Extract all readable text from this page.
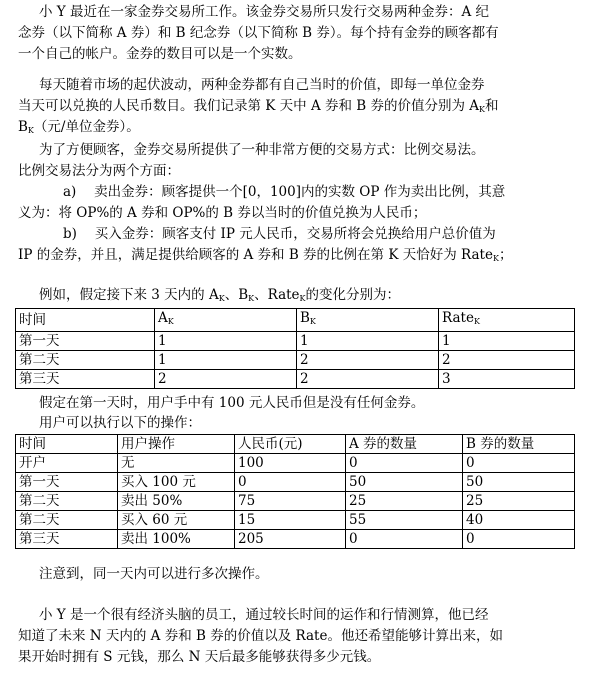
小 Y 最近在一家金券交易所工作。该金券交易所只发行交易两种金券：A 纪
念券（以下简称 A 券）和 B 纪念券（以下简称 B 券）。每个持有金券的顾客都有
一个自己的帐户。金券的数目可以是一个实数。
每天随着市场的起伏波动，两种金券都有自己当时的价值，即每一单位金券
当天可以兑换的人民币数目。我们记录第 K 天中 A 券和 B 券的价值分别为 $A_K$和
$B_K$（元/单位金券）。
为了方便顾客，金券交易所提供了一种非常方便的交易方式：比例交易法。
比例交易法分为两个方面：
a)　 卖出金券：顾客提供一个[0，100]内的实数 OP 作为卖出比例，其意
义为：将 OP%的 A 券和 OP%的 B 券以当时的价值兑换为人民币；
b)　 买入金券：顾客支付 IP 元人民币，交易所将会兑换给用户总价值为
IP 的金券，并且，满足提供给顾客的 A 券和 B 券的比例在第 K 天恰好为 Rate$_K$；
例如，假定接下来 3 天内的 $A_K$、$B_K$、Rate$_K$的变化分别为：
时间	$A_K$	$B_K$	Rate$_K$
第一天	1	1	1
第二天	1	2	2
第三天	2	2	3
假定在第一天时，用户手中有 100 元人民币但是没有任何金券。
用户可以执行以下的操作：
时间	用户操作	人民币(元)	A 券的数量	B 券的数量
开户	无	100	0	0
第一天	买入 100 元	0	50	50
第二天	卖出 50%	75	25	25
第二天	买入 60 元	15	55	40
第三天	卖出 100%	205	0	0
注意到，同一天内可以进行多次操作。
小 Y 是一个很有经济头脑的员工，通过较长时间的运作和行情测算，他已经
知道了未来 N 天内的 A 券和 B 券的价值以及 Rate。他还希望能够计算出来，如
果开始时拥有 S 元钱，那么 N 天后最多能够获得多少元钱。
